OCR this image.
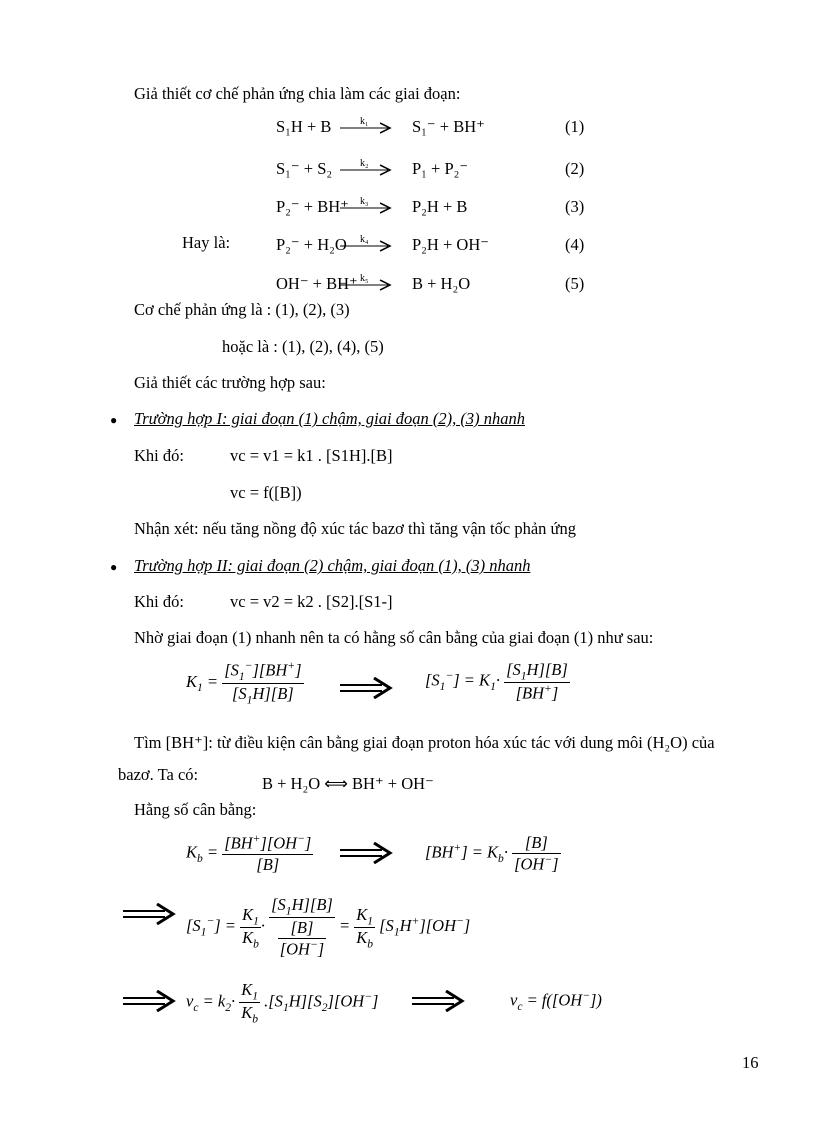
Giả thiết cơ chế phản ứng chia làm các giai đoạn:
S₁H + B	k₁	S₁⁻ + BH⁺	(1)
S₁⁻ + S₂	k₂	P₁ + P₂⁻	(2)
P₂⁻ + BH⁺ k₃	P₂H + B	(3)
Hay là:	P₂⁻ + H₂O k₄	P₂H + OH⁻	(4)
OH⁻ + BH⁺ k₅	B + H₂O	(5)
Cơ chế phản ứng là : (1), (2), (3)
hoặc là : (1), (2), (4), (5)
Giả thiết các trường hợp sau:
● Trường hợp I: giai đoạn (1) chậm, giai đoạn (2), (3) nhanh
Khi đó:	vc = v1 = k1 . [S1H].[B]
vc = f([B])
Nhận xét: nếu tăng nồng độ xúc tác bazơ thì tăng vận tốc phản ứng
● Trường hợp II: giai đoạn (2) chậm, giai đoạn (1), (3) nhanh
Khi đó:	vc = v2 = k2 . [S2].[S1-]
Nhờ giai đoạn (1) nhanh nên ta có hằng số cân bằng của giai đoạn (1) như sau:
$K_1 = \frac{[S_1^-][BH^+]}{[S_1H][B]}$	$[S_1^-] = K_1\cdot \frac{[S_1H][B]}{[BH^+]}$
Tìm [BH⁺]: từ điều kiện cân bằng giai đoạn proton hóa xúc tác với dung môi (H₂O) của
bazơ. Ta có:	B + H₂O ⟺ BH⁺ + OH⁻
Hằng số cân bằng:
$K_b = \frac{[BH^+][OH^-]}{[B]}$	$[BH^+] = K_b\cdot \frac{[B]}{[OH^-]}$
$[S_1^-] = \frac{K_1}{K_b} \cdot \frac{[S_1H][B]}{\frac{[B]}{[OH^-]}} = \frac{K_1}{K_b} [S_1H^+][OH^-]$
$v_c = k_2\cdot \frac{K_1}{K_b} .[S_1H][S_2][OH^-]$	$v_c = f([OH^-])$
16
